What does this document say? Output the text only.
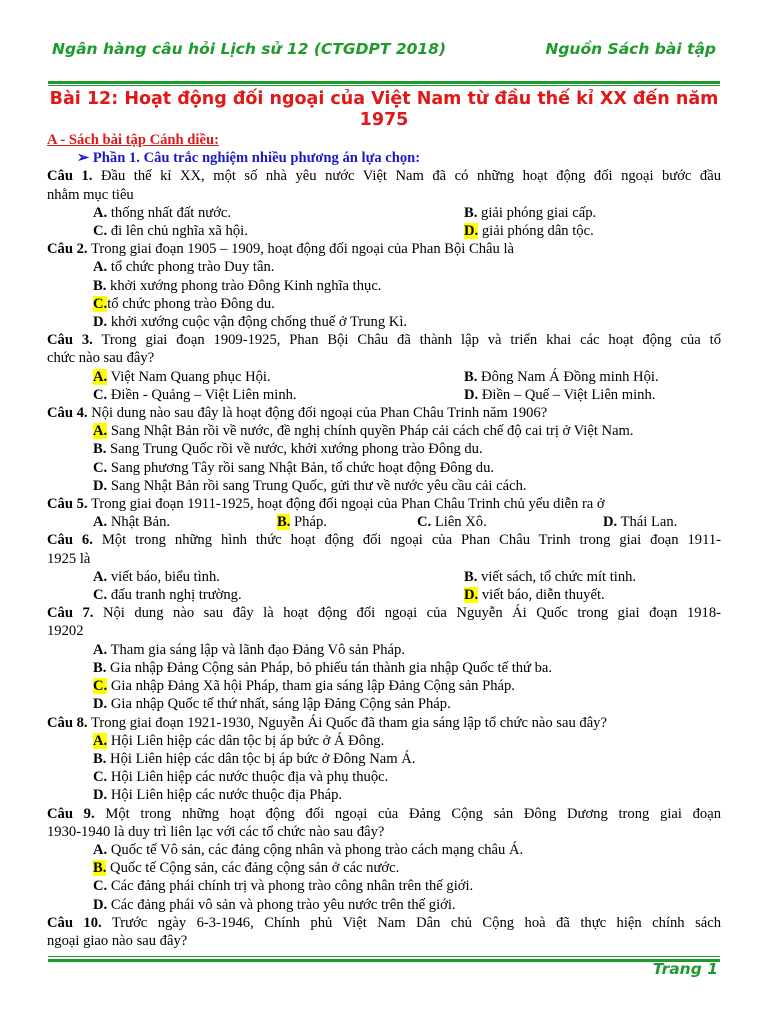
Ngân hàng câu hỏi Lịch sử 12 (CTGDPT 2018)	Nguồn Sách bài tập
Bài 12: Hoạt động đối ngoại của Việt Nam từ đầu thế kỉ XX đến năm 1975
A - Sách bài tập Cánh diều:
➢ Phần 1. Câu trắc nghiệm nhiều phương án lựa chọn:
Câu 1. Đầu thế kỉ XX, một số nhà yêu nước Việt Nam đã có những hoạt động đối ngoại bước đầu
nhằm mục tiêu
A. thống nhất đất nước.	B. giải phóng giai cấp.
C. đi lên chủ nghĩa xã hội.	D. giải phóng dân tộc.
Câu 2. Trong giai đoạn 1905 – 1909, hoạt động đối ngoại của Phan Bội Châu là
A. tổ chức phong trào Duy tân.
B. khởi xướng phong trào Đông Kinh nghĩa thục.
C.tổ chức phong trào Đông du.
D. khởi xướng cuộc vận động chống thuế ở Trung Kì.
Câu 3. Trong giai đoạn 1909-1925, Phan Bội Châu đã thành lập và triển khai các hoạt động của tổ
chức nào sau đây?
A. Việt Nam Quang phục Hội.	B. Đông Nam Á Đồng minh Hội.
C. Điền - Quảng – Việt Liên minh.	D. Điền – Quế – Việt Liên minh.
Câu 4. Nội dung nào sau đây là hoạt động đối ngoại của Phan Châu Trinh năm 1906?
A. Sang Nhật Bản rồi về nước, đề nghị chính quyền Pháp cải cách chế độ cai trị ở Việt Nam.
B. Sang Trung Quốc rồi về nước, khởi xướng phong trào Đông du.
C. Sang phương Tây rồi sang Nhật Bản, tổ chức hoạt động Đông du.
D. Sang Nhật Bản rồi sang Trung Quốc, gửi thư về nước yêu cầu cải cách.
Câu 5. Trong giai đoạn 1911-1925, hoạt động đối ngoại của Phan Châu Trinh chủ yếu diễn ra ở
A. Nhật Bản.	B. Pháp.	C. Liên Xô.	D. Thái Lan.
Câu 6. Một trong những hình thức hoạt động đối ngoại của Phan Châu Trinh trong giai đoạn 1911-
1925 là
A. viết báo, biểu tình.	B. viết sách, tổ chức mít tinh.
C. đấu tranh nghị trường.	D. viết báo, diễn thuyết.
Câu 7. Nội dung nào sau đây là hoạt động đối ngoại của Nguyễn Ái Quốc trong giai đoạn 1918-
19202
A. Tham gia sáng lập và lãnh đạo Đảng Vô sản Pháp.
B. Gia nhập Đảng Cộng sản Pháp, bỏ phiếu tán thành gia nhập Quốc tế thứ ba.
C. Gia nhập Đảng Xã hội Pháp, tham gia sáng lập Đảng Cộng sản Pháp.
D. Gia nhập Quốc tế thứ nhất, sáng lập Đảng Cộng sản Pháp.
Câu 8. Trong giai đoạn 1921-1930, Nguyễn Ái Quốc đã tham gia sáng lập tổ chức nào sau đây?
A. Hội Liên hiệp các dân tộc bị áp bức ở Á Đông.
B. Hội Liên hiệp các dân tộc bị áp bức ở Đông Nam Á.
C. Hội Liên hiệp các nước thuộc địa và phụ thuộc.
D. Hội Liên hiệp các nước thuộc địa Pháp.
Câu 9. Một trong những hoạt động đối ngoại của Đảng Cộng sản Đông Dương trong giai đoạn
1930-1940 là duy trì liên lạc với các tổ chức nào sau đây?
A. Quốc tế Vô sản, các đảng cộng nhân và phong trào cách mạng châu Á.
B. Quốc tế Cộng sản, các đảng cộng sản ở các nước.
C. Các đảng phái chính trị và phong trào công nhân trên thế giới.
D. Các đảng phái vô sản và phong trào yêu nước trên thế giới.
Câu 10. Trước ngày 6-3-1946, Chính phủ Việt Nam Dân chủ Cộng hoà đã thực hiện chính sách
ngoại giao nào sau đây?
Trang 1
